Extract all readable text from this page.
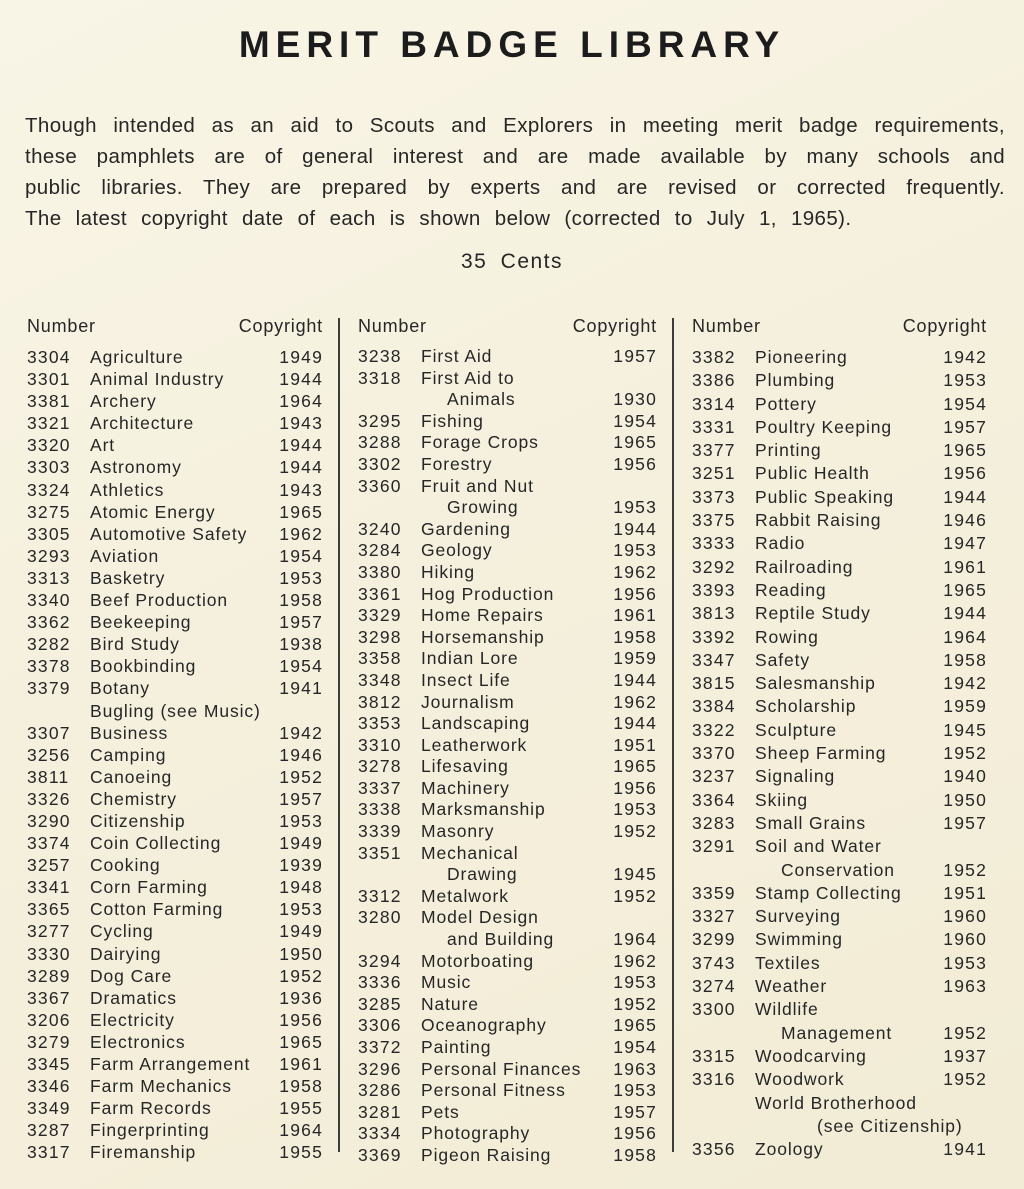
MERIT BADGE LIBRARY
Though intended as an aid to Scouts and Explorers in meeting merit badge requirements,
these pamphlets are of general interest and are made available by many schools and
public libraries. They are prepared by experts and are revised or corrected frequently.
The latest copyright date of each is shown below (corrected to July 1, 1965).
35 Cents
Number	Copyright
3304	Agriculture	1949
3301	Animal Industry	1944
3381	Archery	1964
3321	Architecture	1943
3320	Art	1944
3303	Astronomy	1944
3324	Athletics	1943
3275	Atomic Energy	1965
3305	Automotive Safety	1962
3293	Aviation	1954
3313	Basketry	1953
3340	Beef Production	1958
3362	Beekeeping	1957
3282	Bird Study	1938
3378	Bookbinding	1954
3379	Botany	1941
Bugling (see Music)
3307	Business	1942
3256	Camping	1946
3811	Canoeing	1952
3326	Chemistry	1957
3290	Citizenship	1953
3374	Coin Collecting	1949
3257	Cooking	1939
3341	Corn Farming	1948
3365	Cotton Farming	1953
3277	Cycling	1949
3330	Dairying	1950
3289	Dog Care	1952
3367	Dramatics	1936
3206	Electricity	1956
3279	Electronics	1965
3345	Farm Arrangement	1961
3346	Farm Mechanics	1958
3349	Farm Records	1955
3287	Fingerprinting	1964
3317	Firemanship	1955
Number	Copyright
3238	First Aid	1957
3318	First Aid to
Animals	1930
3295	Fishing	1954
3288	Forage Crops	1965
3302	Forestry	1956
3360	Fruit and Nut
Growing	1953
3240	Gardening	1944
3284	Geology	1953
3380	Hiking	1962
3361	Hog Production	1956
3329	Home Repairs	1961
3298	Horsemanship	1958
3358	Indian Lore	1959
3348	Insect Life	1944
3812	Journalism	1962
3353	Landscaping	1944
3310	Leatherwork	1951
3278	Lifesaving	1965
3337	Machinery	1956
3338	Marksmanship	1953
3339	Masonry	1952
3351	Mechanical
Drawing	1945
3312	Metalwork	1952
3280	Model Design
and Building	1964
3294	Motorboating	1962
3336	Music	1953
3285	Nature	1952
3306	Oceanography	1965
3372	Painting	1954
3296	Personal Finances	1963
3286	Personal Fitness	1953
3281	Pets	1957
3334	Photography	1956
3369	Pigeon Raising	1958
Number	Copyright
3382	Pioneering	1942
3386	Plumbing	1953
3314	Pottery	1954
3331	Poultry Keeping	1957
3377	Printing	1965
3251	Public Health	1956
3373	Public Speaking	1944
3375	Rabbit Raising	1946
3333	Radio	1947
3292	Railroading	1961
3393	Reading	1965
3813	Reptile Study	1944
3392	Rowing	1964
3347	Safety	1958
3815	Salesmanship	1942
3384	Scholarship	1959
3322	Sculpture	1945
3370	Sheep Farming	1952
3237	Signaling	1940
3364	Skiing	1950
3283	Small Grains	1957
3291	Soil and Water
Conservation	1952
3359	Stamp Collecting	1951
3327	Surveying	1960
3299	Swimming	1960
3743	Textiles	1953
3274	Weather	1963
3300	Wildlife
Management	1952
3315	Woodcarving	1937
3316	Woodwork	1952
World Brotherhood
(see Citizenship)
3356	Zoology	1941
